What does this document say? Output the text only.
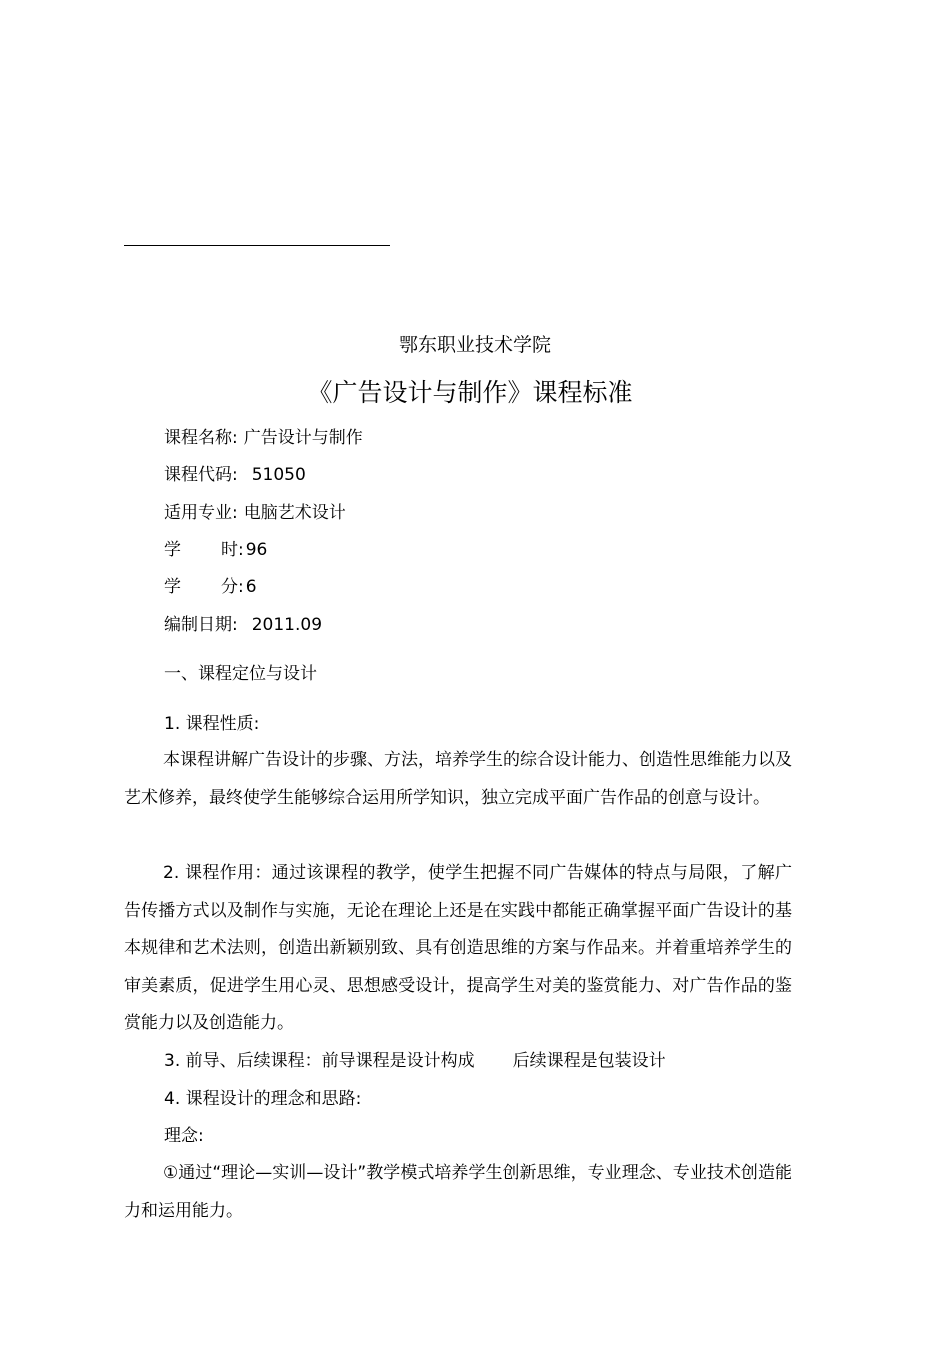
鄂东职业技术学院
《广告设计与制作》课程标准
课程名称: 广告设计与制作
课程代码: 51050
适用专业: 电脑艺术设计
学 时: 96
学 分: 6
编制日期: 2011.09
一、课程定位与设计
1. 课程性质:
本课程讲解广告设计的步骤、方法，培养学生的综合设计能力、创造性思维能力以及艺术修养，最终使学生能够综合运用所学知识，独立完成平面广告作品的创意与设计。
2. 课程作用：通过该课程的教学，使学生把握不同广告媒体的特点与局限，了解广告传播方式以及制作与实施，无论在理论上还是在实践中都能正确掌握平面广告设计的基本规律和艺术法则，创造出新颖别致、具有创造思维的方案与作品来。并着重培养学生的审美素质，促进学生用心灵、思想感受设计，提高学生对美的鉴赏能力、对广告作品的鉴赏能力以及创造能力。
3. 前导、后续课程：前导课程是设计构成 后续课程是包装设计
4. 课程设计的理念和思路:
理念:
①通过“理论—实训—设计”教学模式培养学生创新思维，专业理念、专业技术创造能力和运用能力。
